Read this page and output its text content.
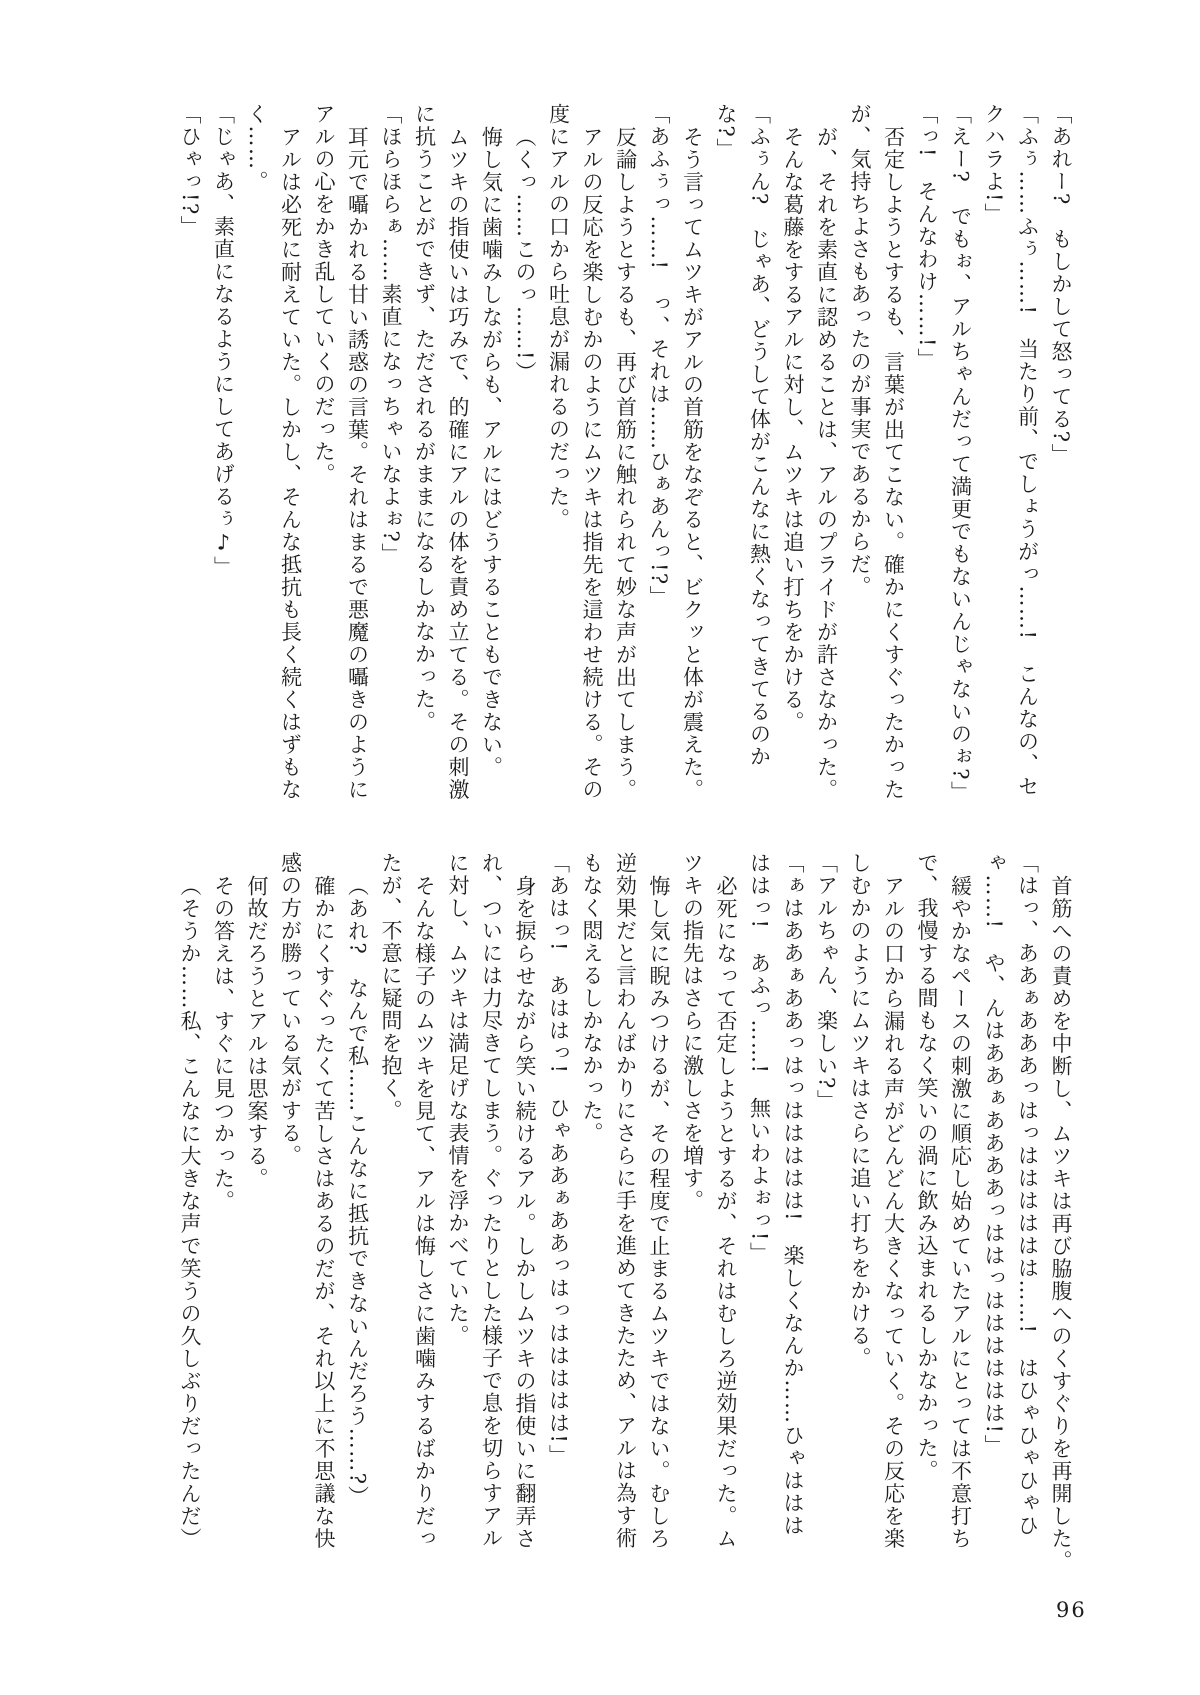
「あれー?　もしかして怒ってる?」

「ふぅ……ふぅ……!　当たり前、でしょうがっ……!　こんなの、セ

クハラよ!」

「えー?　でもぉ、アルちゃんだって満更でもないんじゃないのぉ?」

「っ!　そんなわけ……!」

否定しようとするも、言葉が出てこない。確かにくすぐったかった

が、気持ちよさもあったのが事実であるからだ。

が、それを素直に認めることは、アルのプライドが許さなかった。

そんな葛藤をするアルに対し、ムツキは追い打ちをかける。

「ふぅん?　じゃあ、どうして体がこんなに熱くなってきてるのか

な?」

そう言ってムツキがアルの首筋をなぞると、ビクッと体が震えた。

「あふぅっ……!　っ、それは……ひぁあんっ!?」

反論しようとするも、再び首筋に触れられて妙な声が出てしまう。

アルの反応を楽しむかのようにムツキは指先を這わせ続ける。その

度にアルの口から吐息が漏れるのだった。

（くっ……このっ……!）

悔し気に歯噛みしながらも、アルにはどうすることもできない。

ムツキの指使いは巧みで、的確にアルの体を責め立てる。その刺激

に抗うことができず、ただされるがままになるしかなかった。

「ほらほらぁ……素直になっちゃいなよぉ?」

耳元で囁かれる甘い誘惑の言葉。それはまるで悪魔の囁きのように

アルの心をかき乱していくのだった。

アルは必死に耐えていた。しかし、そんな抵抗も長く続くはずもな

く……。

「じゃあ、素直になるようにしてあげるぅ♪」

「ひゃっ!?」

首筋への責めを中断し、ムツキは再び脇腹へのくすぐりを再開した。

「はっ、ああぁあああっはっはははははは……!　はひゃひゃひゃひ

ゃ……!　や、んはああぁああああっははっはははははは!」

緩やかなペースの刺激に順応し始めていたアルにとっては不意打ち

で、我慢する間もなく笑いの渦に飲み込まれるしかなかった。

アルの口から漏れる声がどんどん大きくなっていく。その反応を楽

しむかのようにムツキはさらに追い打ちをかける。

「アルちゃん、楽しい?」

「ぁはああぁああっはっははははは!　楽しくなんか……ひゃははは

ははっ!　あふっ……!　無いわよぉっ!」

必死になって否定しようとするが、それはむしろ逆効果だった。ム

ツキの指先はさらに激しさを増す。

悔し気に睨みつけるが、その程度で止まるムツキではない。むしろ

逆効果だと言わんばかりにさらに手を進めてきたため、アルは為す術

もなく悶えるしかなかった。

「あはっ!　あははっ!　ひゃああぁああっはっははははは!」

身を捩らせながら笑い続けるアル。しかしムツキの指使いに翻弄さ

れ、ついには力尽きてしまう。ぐったりとした様子で息を切らすアル

に対し、ムツキは満足げな表情を浮かべていた。

そんな様子のムツキを見て、アルは悔しさに歯噛みするばかりだっ

たが、不意に疑問を抱く。

（あれ?　なんで私……こんなに抵抗できないんだろう……?）

確かにくすぐったくて苦しさはあるのだが、それ以上に不思議な快

感の方が勝っている気がする。

何故だろうとアルは思案する。

その答えは、すぐに見つかった。

（そうか……私、こんなに大きな声で笑うの久しぶりだったんだ）

96
